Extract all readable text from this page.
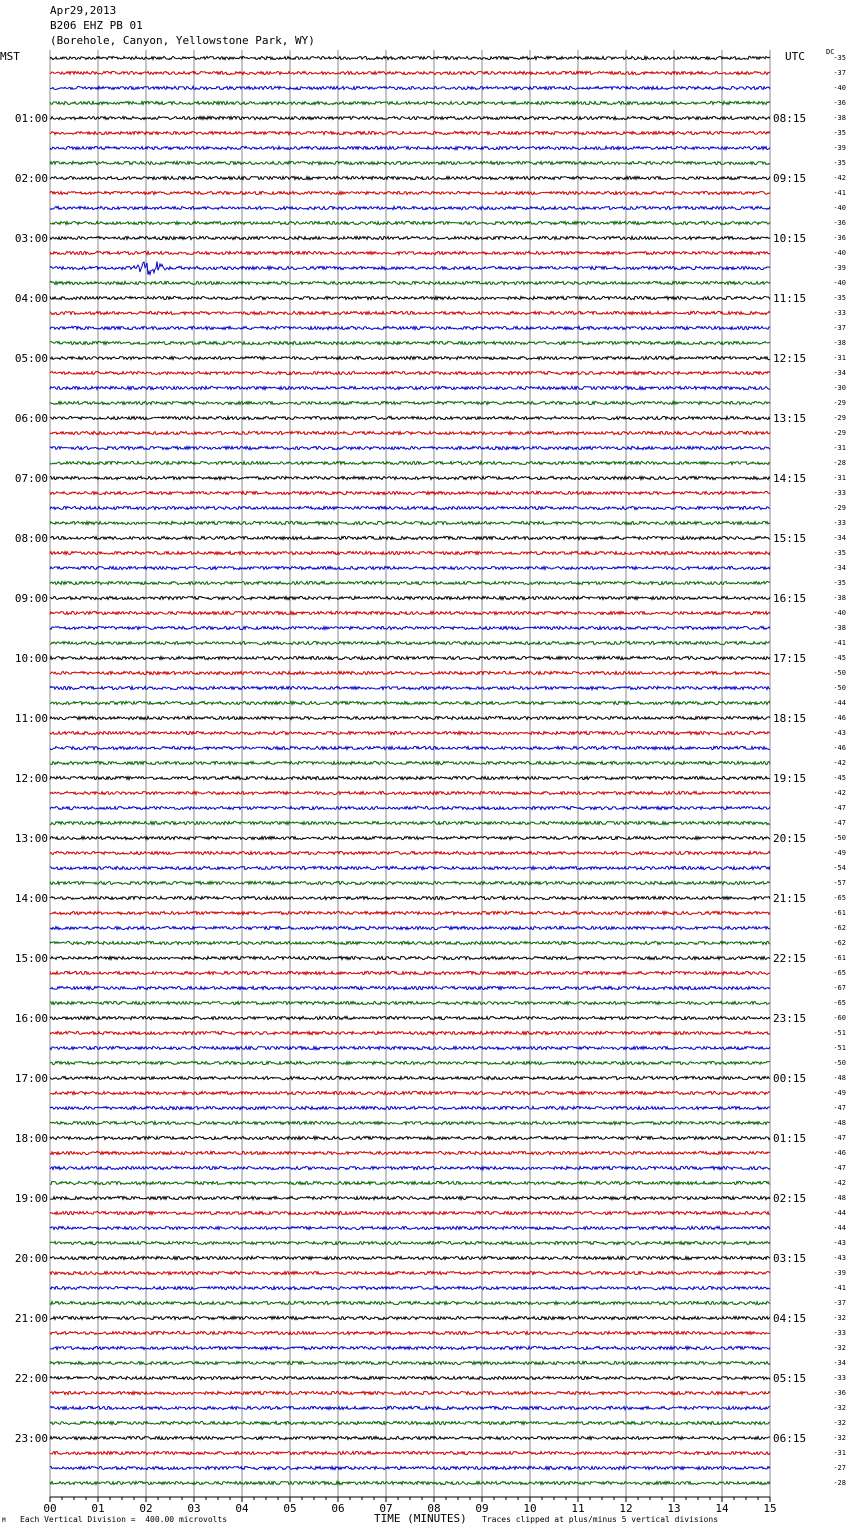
Apr29,2013
B206 EHZ PB 01
(Borehole, Canyon, Yellowstone Park, WY)
MST	UTC	DC
01:00
02:00
03:00
04:00
05:00
06:00
07:00
08:00
09:00
10:00
11:00
12:00
13:00
14:00
15:00
16:00
17:00
18:00
19:00
20:00
21:00
22:00
23:00
08:15
09:15
10:15
11:15
12:15
13:15
14:15
15:15
16:15
17:15
18:15
19:15
20:15
21:15
22:15
23:15
00:15
01:15
02:15
03:15
04:15
05:15
06:15
-35
-37
-40
-36
-38
-35
-39
-35
-42
-41
-40
-36
-36
-40
-39
-40
-35
-33
-37
-38
-31
-34
-30
-29
-29
-29
-31
-28
-31
-33
-29
-33
-34
-35
-34
-35
-38
-40
-38
-41
-45
-50
-50
-44
-46
-43
-46
-42
-45
-42
-47
-47
-50
-49
-54
-57
-65
-61
-62
-62
-61
-65
-67
-65
-60
-51
-51
-50
-48
-49
-47
-48
-47
-46
-47
-42
-48
-44
-44
-43
-43
-39
-41
-37
-32
-33
-32
-34
-33
-36
-32
-32
-32
-31
-27
-28
00	01	02	03	04	05	06	07	08	09	10	11	12	13	14	15
M Each Vertical Division =  400.00 microvolts	TIME (MINUTES) Traces clipped at plus/minus 5 vertical divisions
